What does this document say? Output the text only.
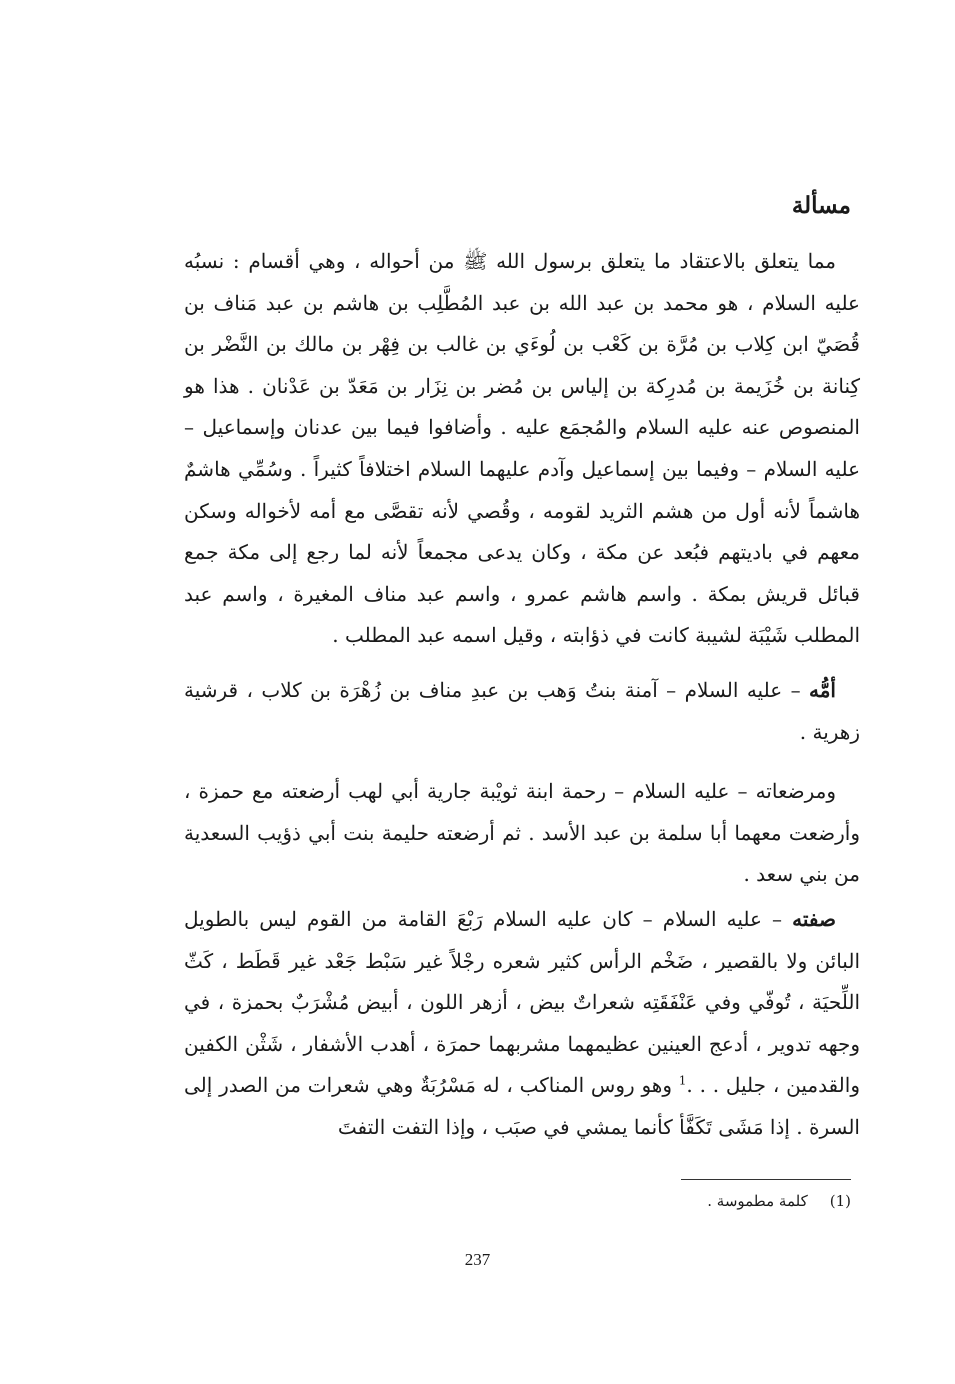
مسألة

مما يتعلق بالاعتقاد ما يتعلق برسول الله ﷺ من أحواله ، وهي أقسام : نسبُه عليه السلام ، هو محمد بن عبد الله بن عبد المُطَّلِب بن هاشم بن عبد مَناف بن قُصَيّ ابن كِلاب بن مُرَّة بن كَعْب بن لُوءَي بن غالب بن فِهْر بن مالك بن النَّضْر بن كِنانة بن خُزَيمة بن مُدرِكة بن إلياس بن مُضر بن نِزَار بن مَعَدّ بن عَدْنان . هذا هو المنصوص عنه عليه السلام والمُجمَع عليه . وأضافوا فيما بين عدنان وإسماعيل – عليه السلام – وفيما بين إسماعيل وآدم عليهما السلام اختلافاً كثيراً . وسُمِّي هاشمٌ هاشماً لأنه أول من هشم الثريد لقومه ، وقُصي لأنه تقصَّى مع أمه لأخواله وسكن معهم في باديتهم فبُعد عن مكة ، وكان يدعى مجمعاً لأنه لما رجع إلى مكة جمع قبائل قريش بمكة . واسم هاشم عمرو ، واسم عبد مناف المغيرة ، واسم عبد المطلب شَيْبَة لشيبة كانت في ذؤابته ، وقيل اسمه عبد المطلب .

أمُّه – عليه السلام – آمنة بنتُ وَهب بن عبدِ مناف بن زُهْرَة بن كلاب ، قرشية زهرية .

ومرضعاته – عليه السلام – رحمة ابنة ثويْبة جارية أبي لهب أرضعته مع حمزة ، وأرضعت معهما أبا سلمة بن عبد الأسد . ثم أرضعته حليمة بنت أبي ذؤيب السعدية من بني سعد .

صفته – عليه السلام – كان عليه السلام رَبْعَ القامة من القوم ليس بالطويل البائن ولا بالقصير ، ضَخْم الرأس كثير شعره رجْلاً غير سَبْط جَعْد غير قَطَط ، كَثّ اللِّحيَة ، تُوفّي وفي عَنْفَقَتِه شعراتٌ بيض ، أزهر اللون ، أبيض مُشْرَبٌ بحمزة ، في وجهه تدوير ، أدعج العينين عظيمهما مشربهما حمرَة ، أهدب الأشفار ، شَثْن الكفين والقدمين ، جليل . . .$^1$ وهو روس المناكب ، له مَسْرُبَةٌ وهي شعرات من الصدر إلى السرة . إذا مَشَى تَكَفَّأ كأنما يمشي في صبَب ، وإذا التفت التفتَ

(1)كلمة مطموسة .
237
